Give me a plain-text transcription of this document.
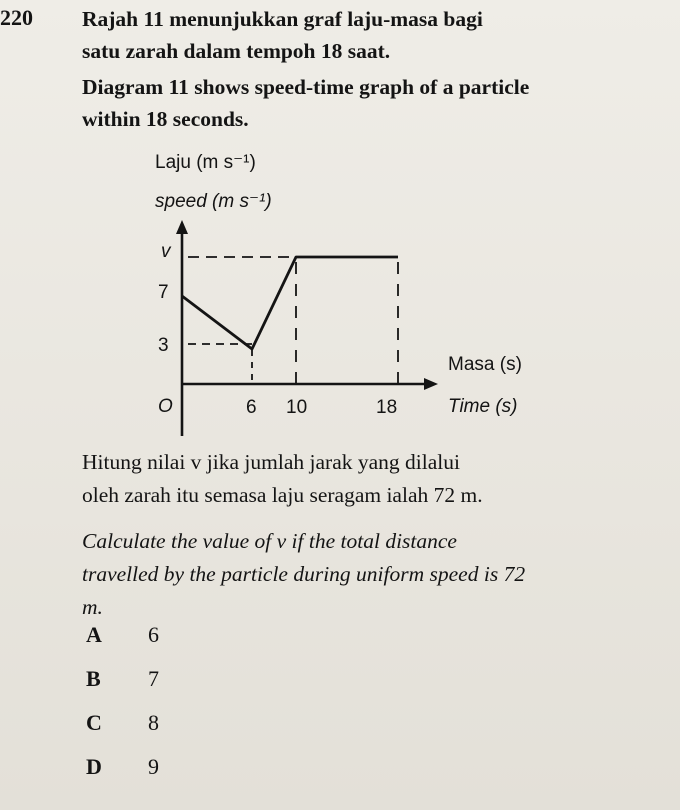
220 Rajah 11 menunjukkan graf laju-masa bagi
satu zarah dalam tempoh 18 saat.
Diagram 11 shows speed-time graph of a particle
within 18 seconds.
Laju (m s⁻¹)
speed (m s⁻¹)
v
7
3
O	6 10	18
Masa (s)
Time (s)
Hitung nilai v jika jumlah jarak yang dilalui
oleh zarah itu semasa laju seragam ialah 72 m.
Calculate the value of v if the total distance
travelled by the particle during uniform speed is 72
m.
A 6
B 7
C 8
D 9
